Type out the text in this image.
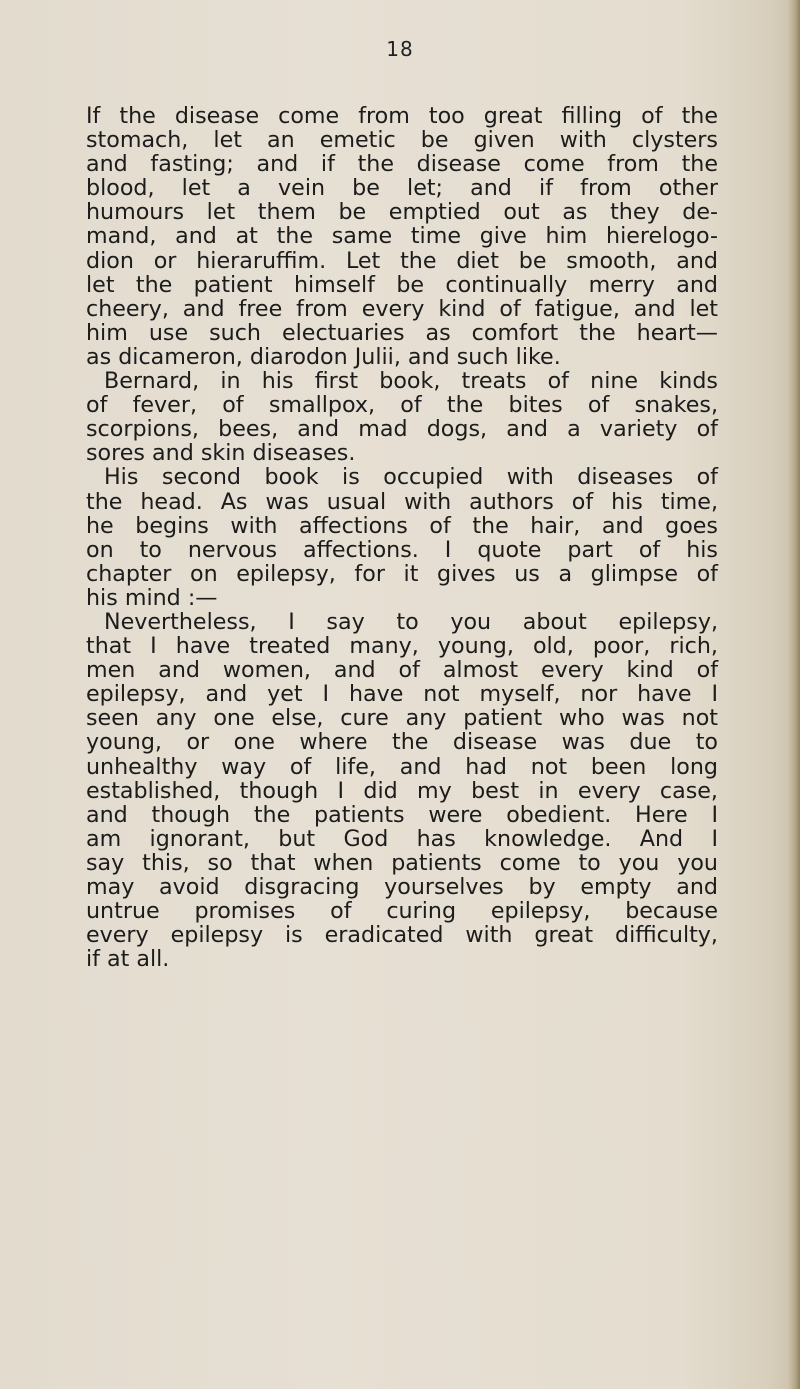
18
If the disease come from too great filling of the
stomach, let an emetic be given with clysters
and fasting; and if the disease come from the
blood, let a vein be let; and if from other
humours let them be emptied out as they de-
mand, and at the same time give him hierelogo-
dion or hieraruffim. Let the diet be smooth, and
let the patient himself be continually merry and
cheery, and free from every kind of fatigue, and let
him use such electuaries as comfort the heart—
as dicameron, diarodon Julii, and such like.
Bernard, in his first book, treats of nine kinds
of fever, of smallpox, of the bites of snakes,
scorpions, bees, and mad dogs, and a variety of
sores and skin diseases.
His second book is occupied with diseases of
the head. As was usual with authors of his time,
he begins with affections of the hair, and goes
on to nervous affections. I quote part of his
chapter on epilepsy, for it gives us a glimpse of
his mind :—
Nevertheless, I say to you about epilepsy,
that I have treated many, young, old, poor, rich,
men and women, and of almost every kind of
epilepsy, and yet I have not myself, nor have I
seen any one else, cure any patient who was not
young, or one where the disease was due to
unhealthy way of life, and had not been long
established, though I did my best in every case,
and though the patients were obedient. Here I
am ignorant, but God has knowledge. And I
say this, so that when patients come to you you
may avoid disgracing yourselves by empty and
untrue promises of curing epilepsy, because
every epilepsy is eradicated with great difficulty,
if at all.
